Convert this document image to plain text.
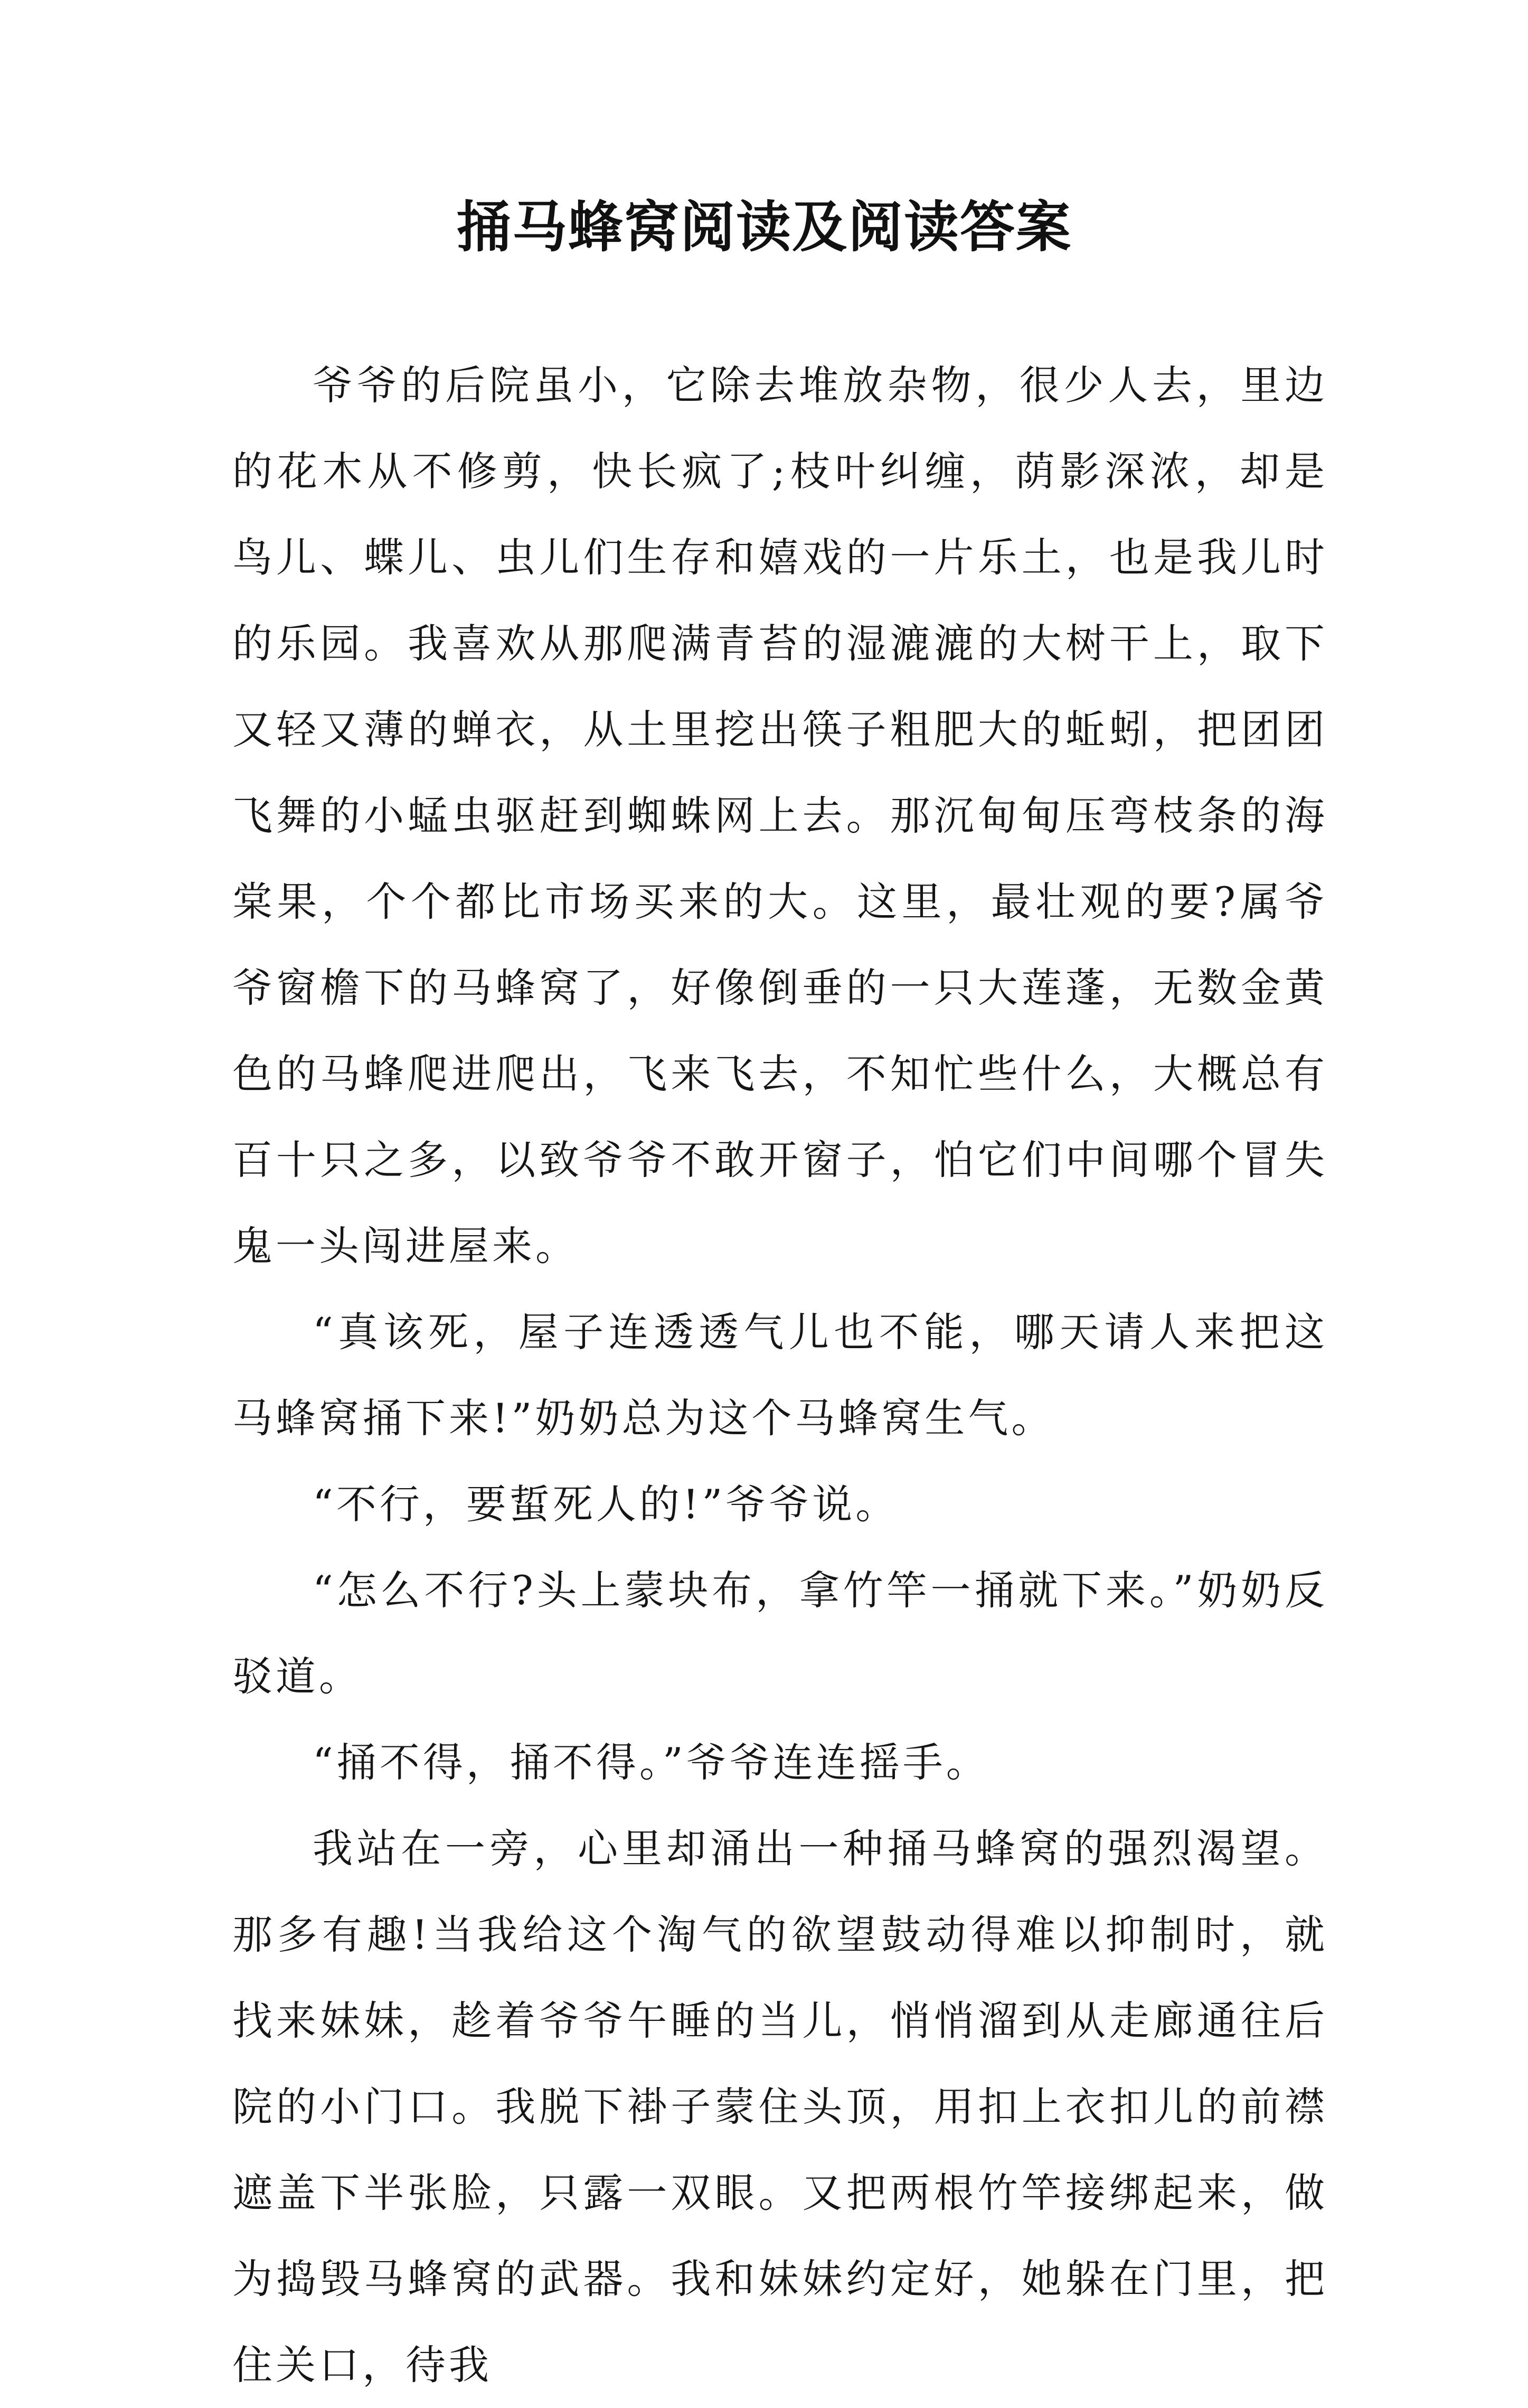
捅马蜂窝阅读及阅读答案

爷爷的后院虽小，它除去堆放杂物，很少人去，里边的花木从不修剪，快长疯了;枝叶纠缠，荫影深浓，却是鸟儿、蝶儿、虫儿们生存和嬉戏的一片乐土，也是我儿时的乐园。我喜欢从那爬满青苔的湿漉漉的大树干上，取下又轻又薄的蝉衣，从土里挖出筷子粗肥大的蚯蚓，把团团飞舞的小蜢虫驱赶到蜘蛛网上去。那沉甸甸压弯枝条的海棠果，个个都比市场买来的大。这里，最壮观的要?属爷爷窗檐下的马蜂窝了，好像倒垂的一只大莲蓬，无数金黄色的马蜂爬进爬出，飞来飞去，不知忙些什么，大概总有百十只之多，以致爷爷不敢开窗子，怕它们中间哪个冒失鬼一头闯进屋来。

“真该死，屋子连透透气儿也不能，哪天请人来把这马蜂窝捅下来!”奶奶总为这个马蜂窝生气。

“不行，要蜇死人的!”爷爷说。

“怎么不行?头上蒙块布，拿竹竿一捅就下来。”奶奶反驳道。

“捅不得，捅不得。”爷爷连连摇手。

我站在一旁，心里却涌出一种捅马蜂窝的强烈渴望。那多有趣!当我给这个淘气的欲望鼓动得难以抑制时，就找来妹妹，趁着爷爷午睡的当儿，悄悄溜到从走廊通往后院的小门口。我脱下褂子蒙住头顶，用扣上衣扣儿的前襟遮盖下半张脸，只露一双眼。又把两根竹竿接绑起来，做为捣毁马蜂窝的武器。我和妹妹约定好，她躲在门里，把住关口，待我
